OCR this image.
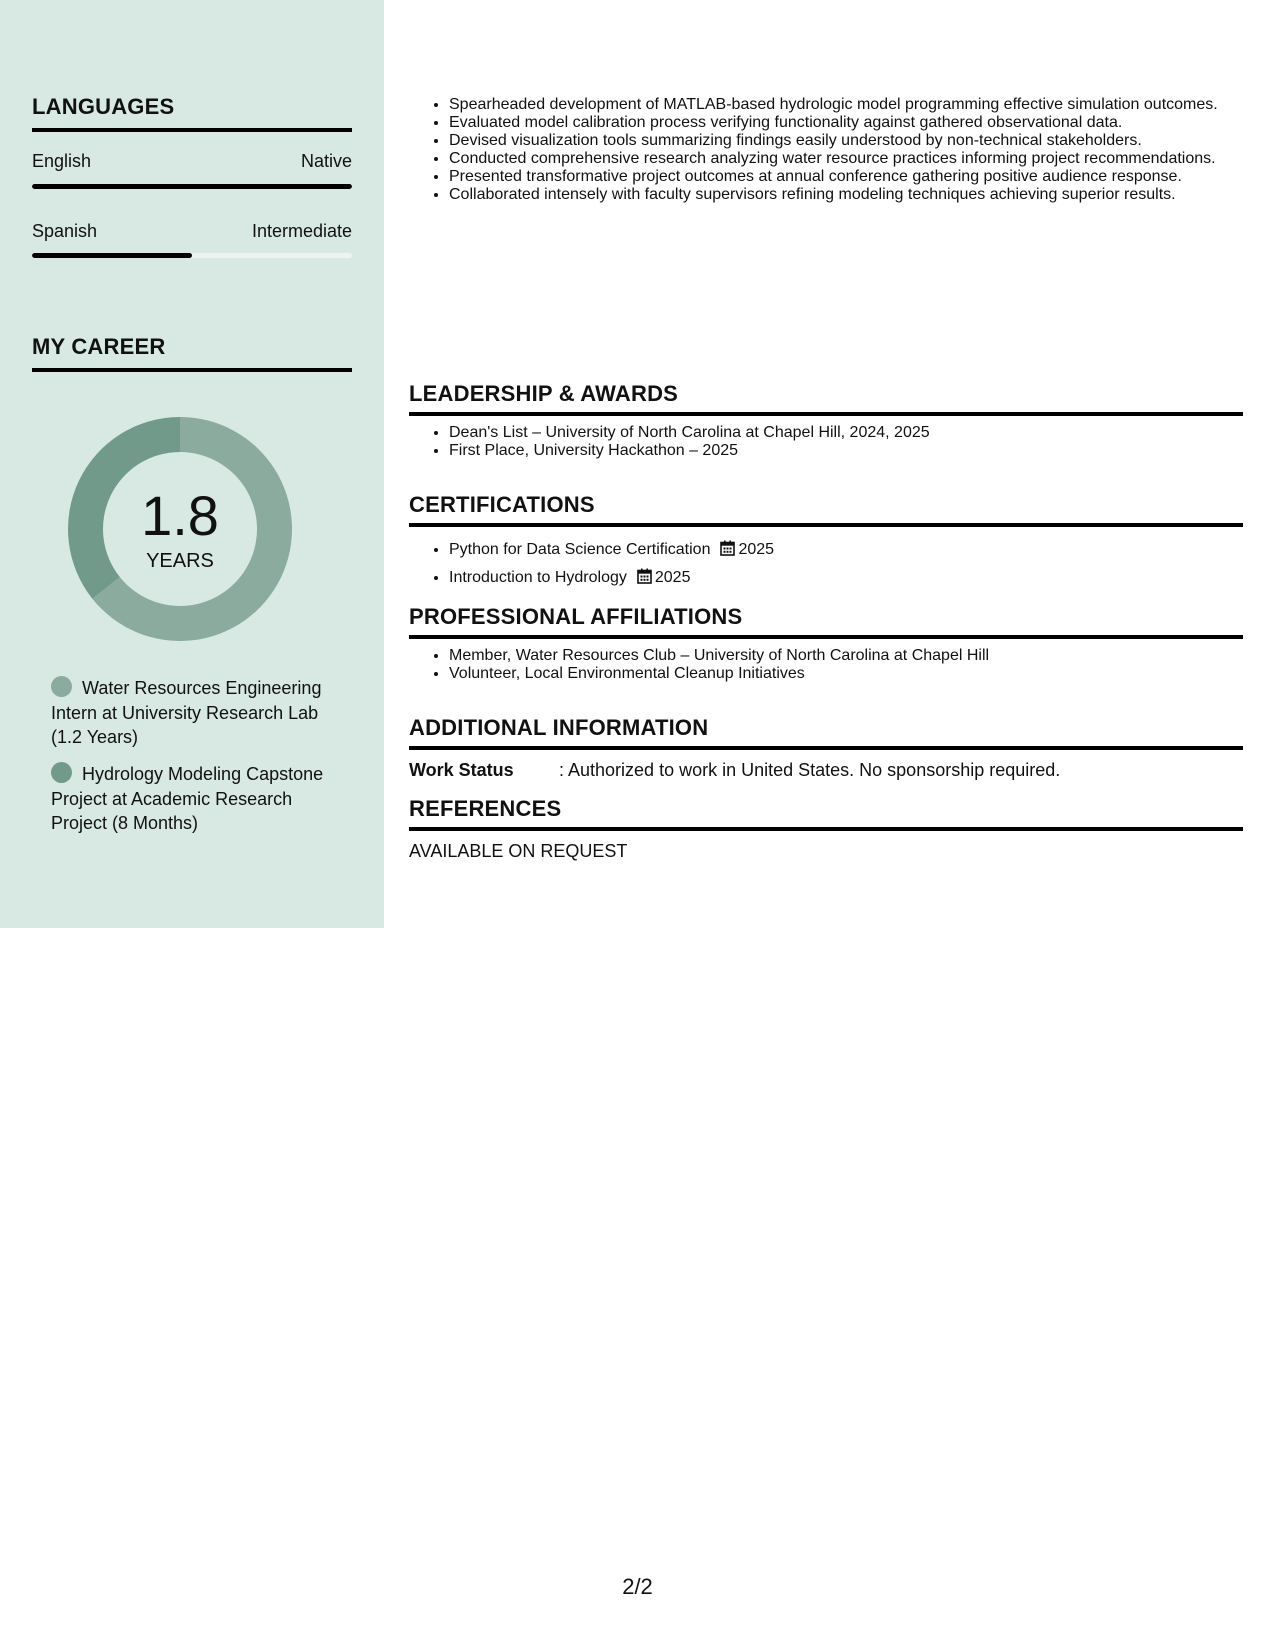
LANGUAGES
English	Native
Spanish	Intermediate
MY CAREER
1.8
YEARS
Water Resources Engineering Intern at University Research Lab (1.2 Years)
Hydrology Modeling Capstone Project at Academic Research Project (8 Months)
• Spearheaded development of MATLAB-based hydrologic model programming effective simulation outcomes.
• Evaluated model calibration process verifying functionality against gathered observational data.
• Devised visualization tools summarizing findings easily understood by non-technical stakeholders.
• Conducted comprehensive research analyzing water resource practices informing project recommendations.
• Presented transformative project outcomes at annual conference gathering positive audience response.
• Collaborated intensely with faculty supervisors refining modeling techniques achieving superior results.
LEADERSHIP & AWARDS
• Dean's List – University of North Carolina at Chapel Hill, 2024, 2025
• First Place, University Hackathon – 2025
CERTIFICATIONS
• Python for Data Science Certification 2025
• Introduction to Hydrology 2025
PROFESSIONAL AFFILIATIONS
• Member, Water Resources Club – University of North Carolina at Chapel Hill
• Volunteer, Local Environmental Cleanup Initiatives
ADDITIONAL INFORMATION
Work Status	: Authorized to work in United States. No sponsorship required.
REFERENCES
AVAILABLE ON REQUEST
2/2
